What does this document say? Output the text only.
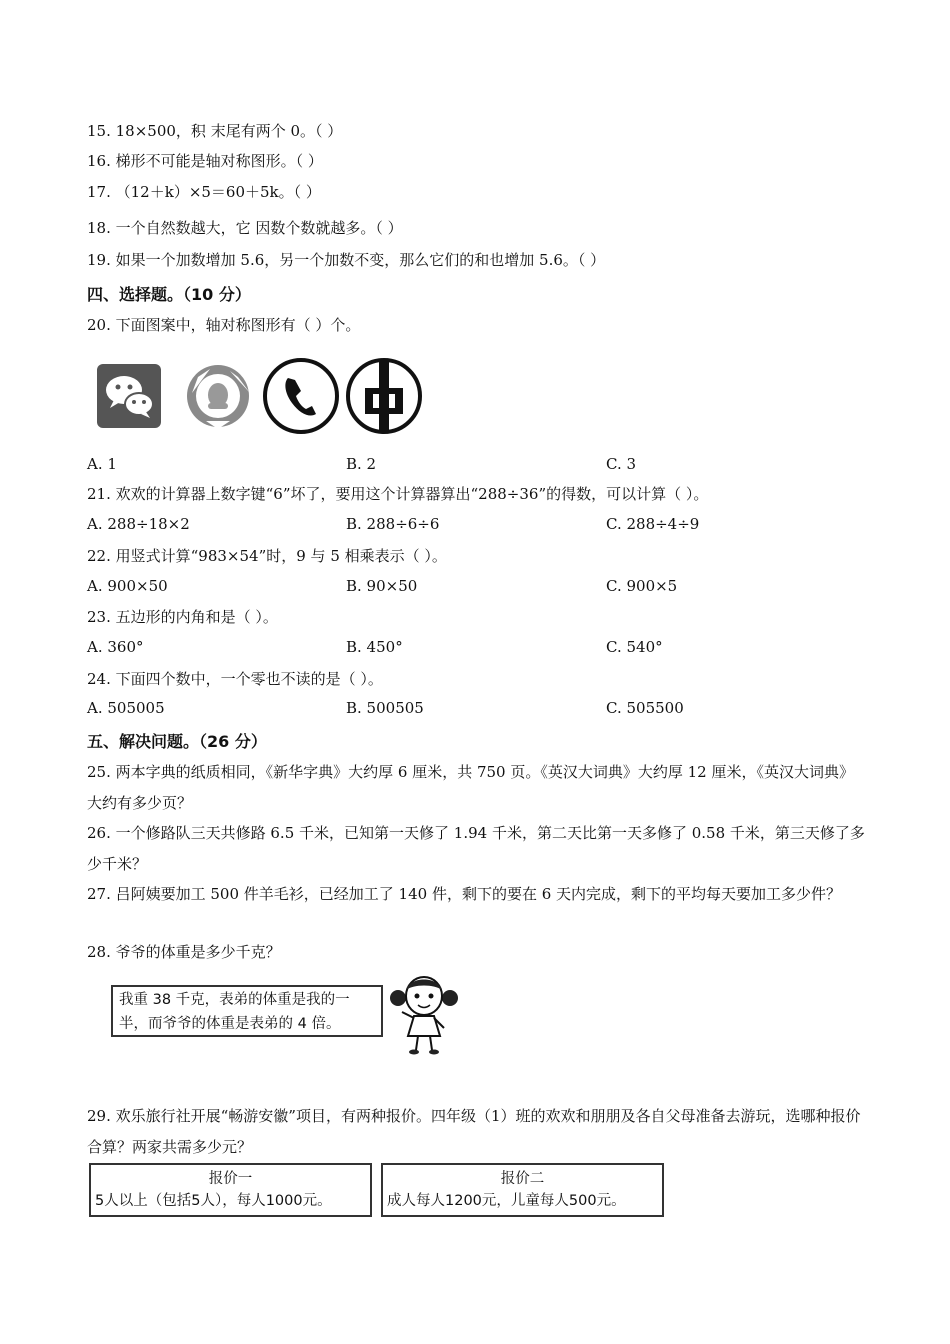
15. 18×500，积 末尾有两个 0。（ ）
16. 梯形不可能是轴对称图形。（ ）
17. （12＋k）×5＝60＋5k。（ ）
18. 一个自然数越大，它 因数个数就越多。（ ）
19. 如果一个加数增加 5.6，另一个加数不变，那么它们的和也增加 5.6。（ ）
四、选择题。（10 分）
20. 下面图案中，轴对称图形有（ ）个。
A. 1	B. 2	C. 3
21. 欢欢的计算器上数字键“6”坏了，要用这个计算器算出“288÷36”的得数，可以计算（ ）。
A. 288÷18×2	B. 288÷6÷6	C. 288÷4÷9
22. 用竖式计算“983×54”时，9 与 5 相乘表示（ ）。
A. 900×50	B. 90×50	C. 900×5
23. 五边形的内角和是（ ）。
A. 360°	B. 450°	C. 540°
24. 下面四个数中，一个零也不读的是（ ）。
A. 505005	B. 500505	C. 505500
五、解决问题。（26 分）
25. 两本字典的纸质相同，《新华字典》大约厚 6 厘米，共 750 页。《英汉大词典》大约厚 12 厘米，《英汉大词典》大约有多少页？
26. 一个修路队三天共修路 6.5 千米，已知第一天修了 1.94 千米，第二天比第一天多修了 0.58 千米，第三天修了多少千米？
27. 吕阿姨要加工 500 件羊毛衫，已经加工了 140 件，剩下的要在 6 天内完成，剩下的平均每天要加工多少件？
28. 爷爷的体重是多少千克？
我重 38 千克，表弟的体重是我的一
半，而爷爷的体重是表弟的 4 倍。
29. 欢乐旅行社开展“畅游安徽”项目，有两种报价。四年级（1）班的欢欢和朋朋及各自父母准备去游玩，选哪种报价合算？两家共需多少元？
报价一
5人以上（包括5人），每人1000元。
报价二
成人每人1200元，儿童每人500元。
